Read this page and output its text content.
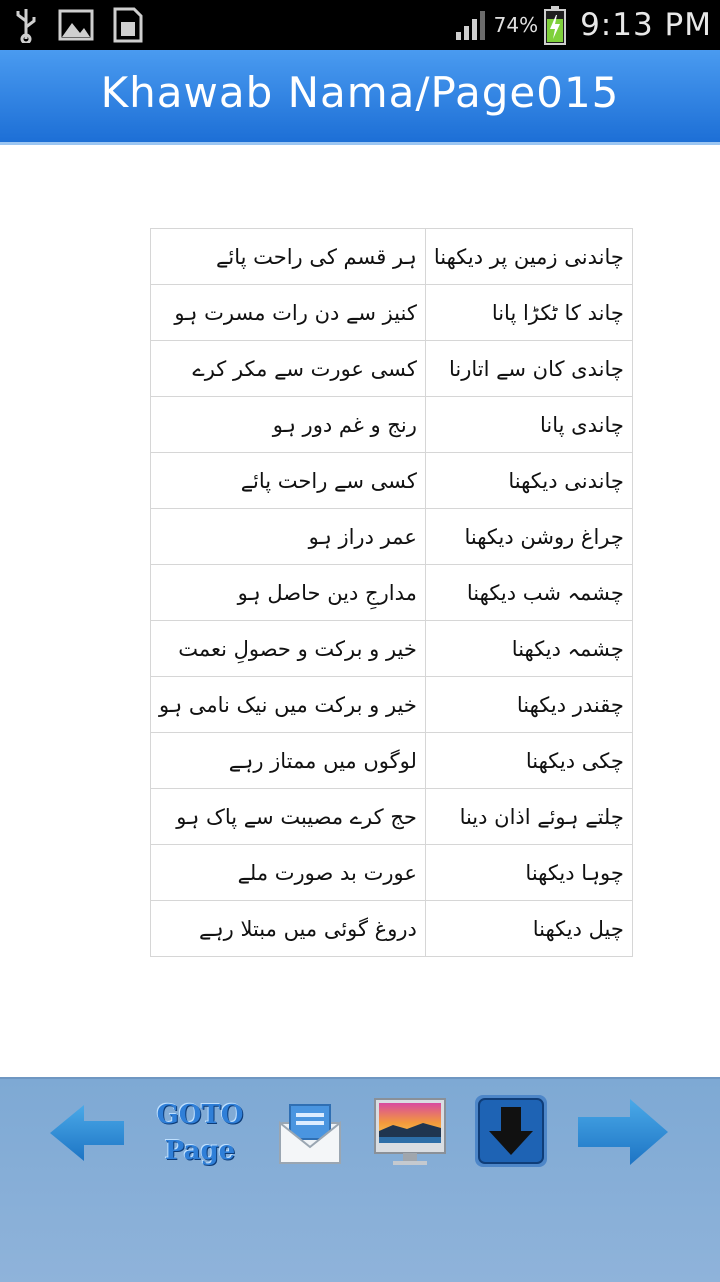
74% 9:13 PM
Khawab Nama/Page015
ہر قسم کی راحت پائے	چاندنی زمین پر دیکھنا
کنیز سے دن رات مسرت ہو	چاند کا ٹکڑا پانا
کسی عورت سے مکر کرے	چاندی کان سے اتارنا
رنج و غم دور ہو	چاندی پانا
کسی سے راحت پائے	چاندنی دیکھنا
عمر دراز ہو	چراغ روشن دیکھنا
مدارجِ دین حاصل ہو	چشمہ شب دیکھنا
خیر و برکت و حصولِ نعمت	چشمہ دیکھنا
خیر و برکت میں نیک نامی ہو	چقندر دیکھنا
لوگوں میں ممتاز رہے	چکی دیکھنا
حج کرے مصیبت سے پاک ہو	چلتے ہوئے اذان دینا
عورت بد صورت ملے	چوہا دیکھنا
دروغ گوئی میں مبتلا رہے	چیل دیکھنا
GOTO
Page
